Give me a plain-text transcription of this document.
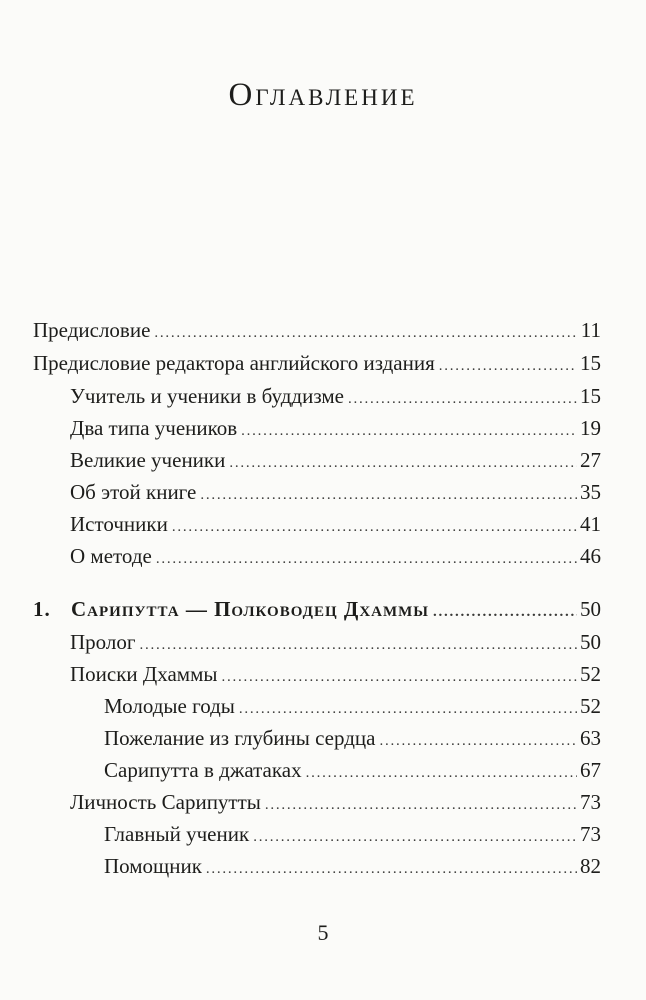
Оглавление
Предисловие . . .	11
Предисловие редактора английского издания . . .	15
Учитель и ученики в буддизме . . .	15
Два типа учеников . . .	19
Великие ученики . . .	27
Об этой книге . . .	35
Источники . . .	41
О методе . . .	46
1. Сарипутта — Полководец Дхаммы . . .	50
Пролог . . .	50
Поиски Дхаммы . . .	52
Молодые годы . . .	52
Пожелание из глубины сердца . . .	63
Сарипутта в джатаках . . .	67
Личность Сарипутты . . .	73
Главный ученик . . .	73
Помощник . . .	82
5
